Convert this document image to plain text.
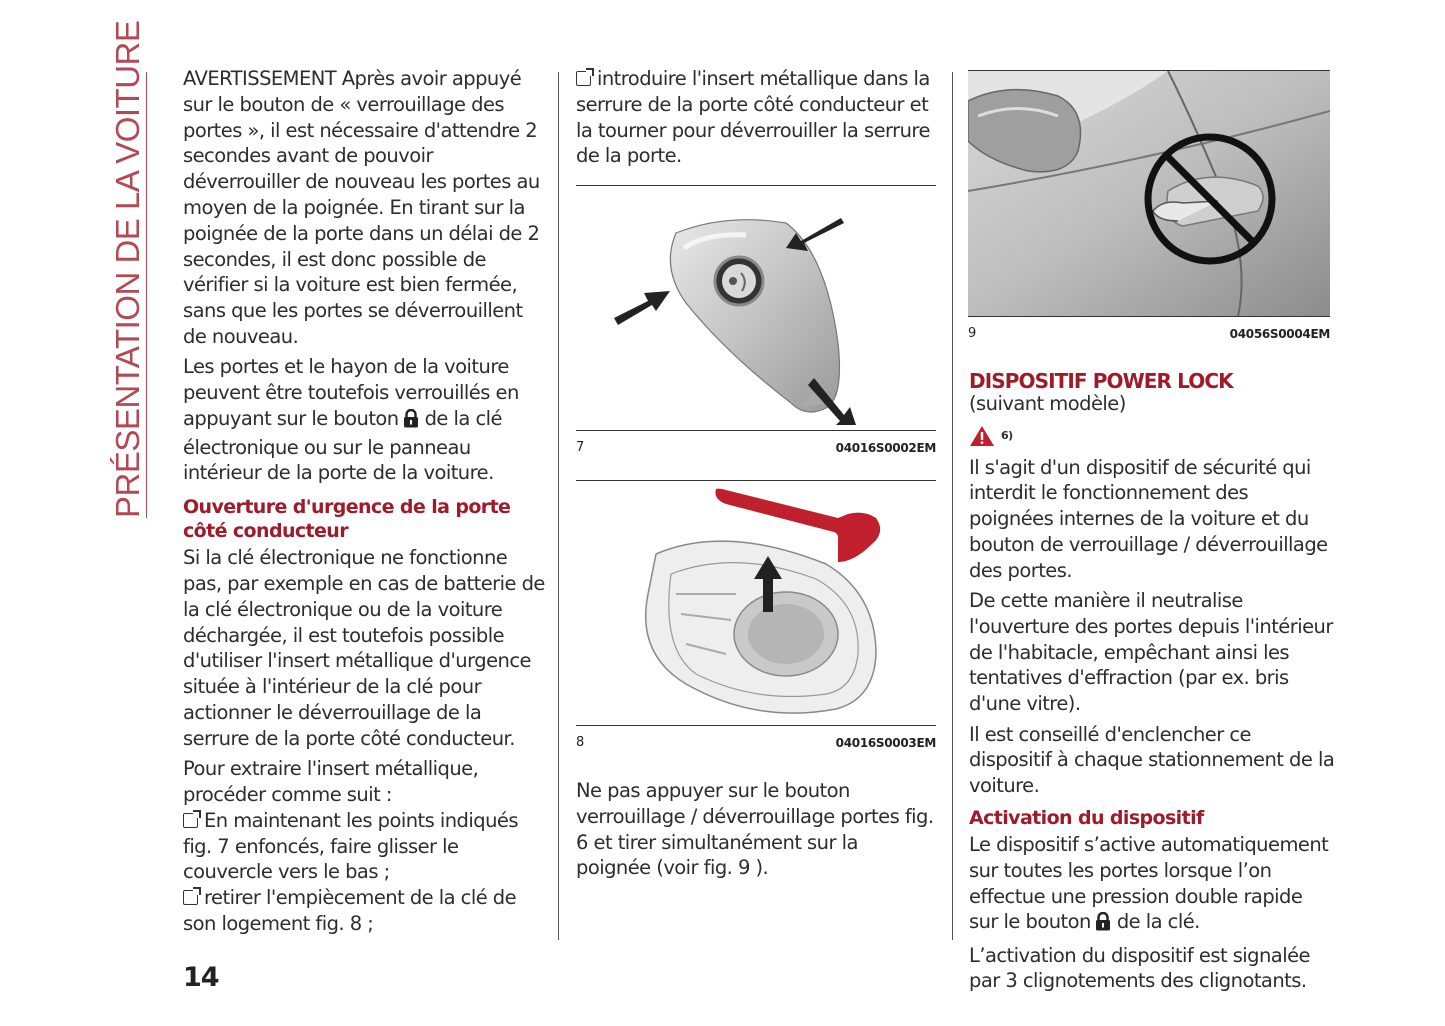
PRÉSENTATION DE LA VOITURE AVERTISSEMENT Après avoir appuyé sur le bouton de « verrouillage des portes », il est nécessaire d'attendre 2 secondes avant de pouvoir déverrouiller de nouveau les portes au moyen de la poignée. En tirant sur la poignée de la porte dans un délai de 2 secondes, il est donc possible de vérifier si la voiture est bien fermée, sans que les portes se déverrouillent de nouveau.

Les portes et le hayon de la voiture peuvent être toutefois verrouillés en appuyant sur le bouton de la clé électronique ou sur le panneau intérieur de la porte de la voiture.

Ouverture d'urgence de la porte côté conducteur

Si la clé électronique ne fonctionne pas, par exemple en cas de batterie de la clé électronique ou de la voiture déchargée, il est toutefois possible d'utiliser l'insert métallique d'urgence située à l'intérieur de la clé pour actionner le déverrouillage de la serrure de la porte côté conducteur.

Pour extraire l'insert métallique, procéder comme suit :

En maintenant les points indiqués fig. 7 enfoncés, faire glisser le couvercle vers le bas ;
retirer l'empiècement de la clé de son logement fig. 8 ;
introduire l'insert métallique dans la serrure de la porte côté conducteur et la tourner pour déverrouiller la serrure de la porte.
7	04016S0002EM
8	04016S0003EM

Ne pas appuyer sur le bouton verrouillage / déverrouillage portes fig. 6 et tirer simultanément sur la poignée (voir fig. 9 ).

9	04056S0004EM
DISPOSITIF POWER LOCK
(suivant modèle)
6)

Il s'agit d'un dispositif de sécurité qui interdit le fonctionnement des poignées internes de la voiture et du bouton de verrouillage / déverrouillage des portes.

De cette manière il neutralise l'ouverture des portes depuis l'intérieur de l'habitacle, empêchant ainsi les tentatives d'effraction (par ex. bris d'une vitre).

Il est conseillé d'enclencher ce dispositif à chaque stationnement de la voiture.

Activation du dispositif

Le dispositif s’active automatiquement sur toutes les portes lorsque l’on effectue une pression double rapide sur le bouton de la clé.

L’activation du dispositif est signalée par 3 clignotements des clignotants.

14
